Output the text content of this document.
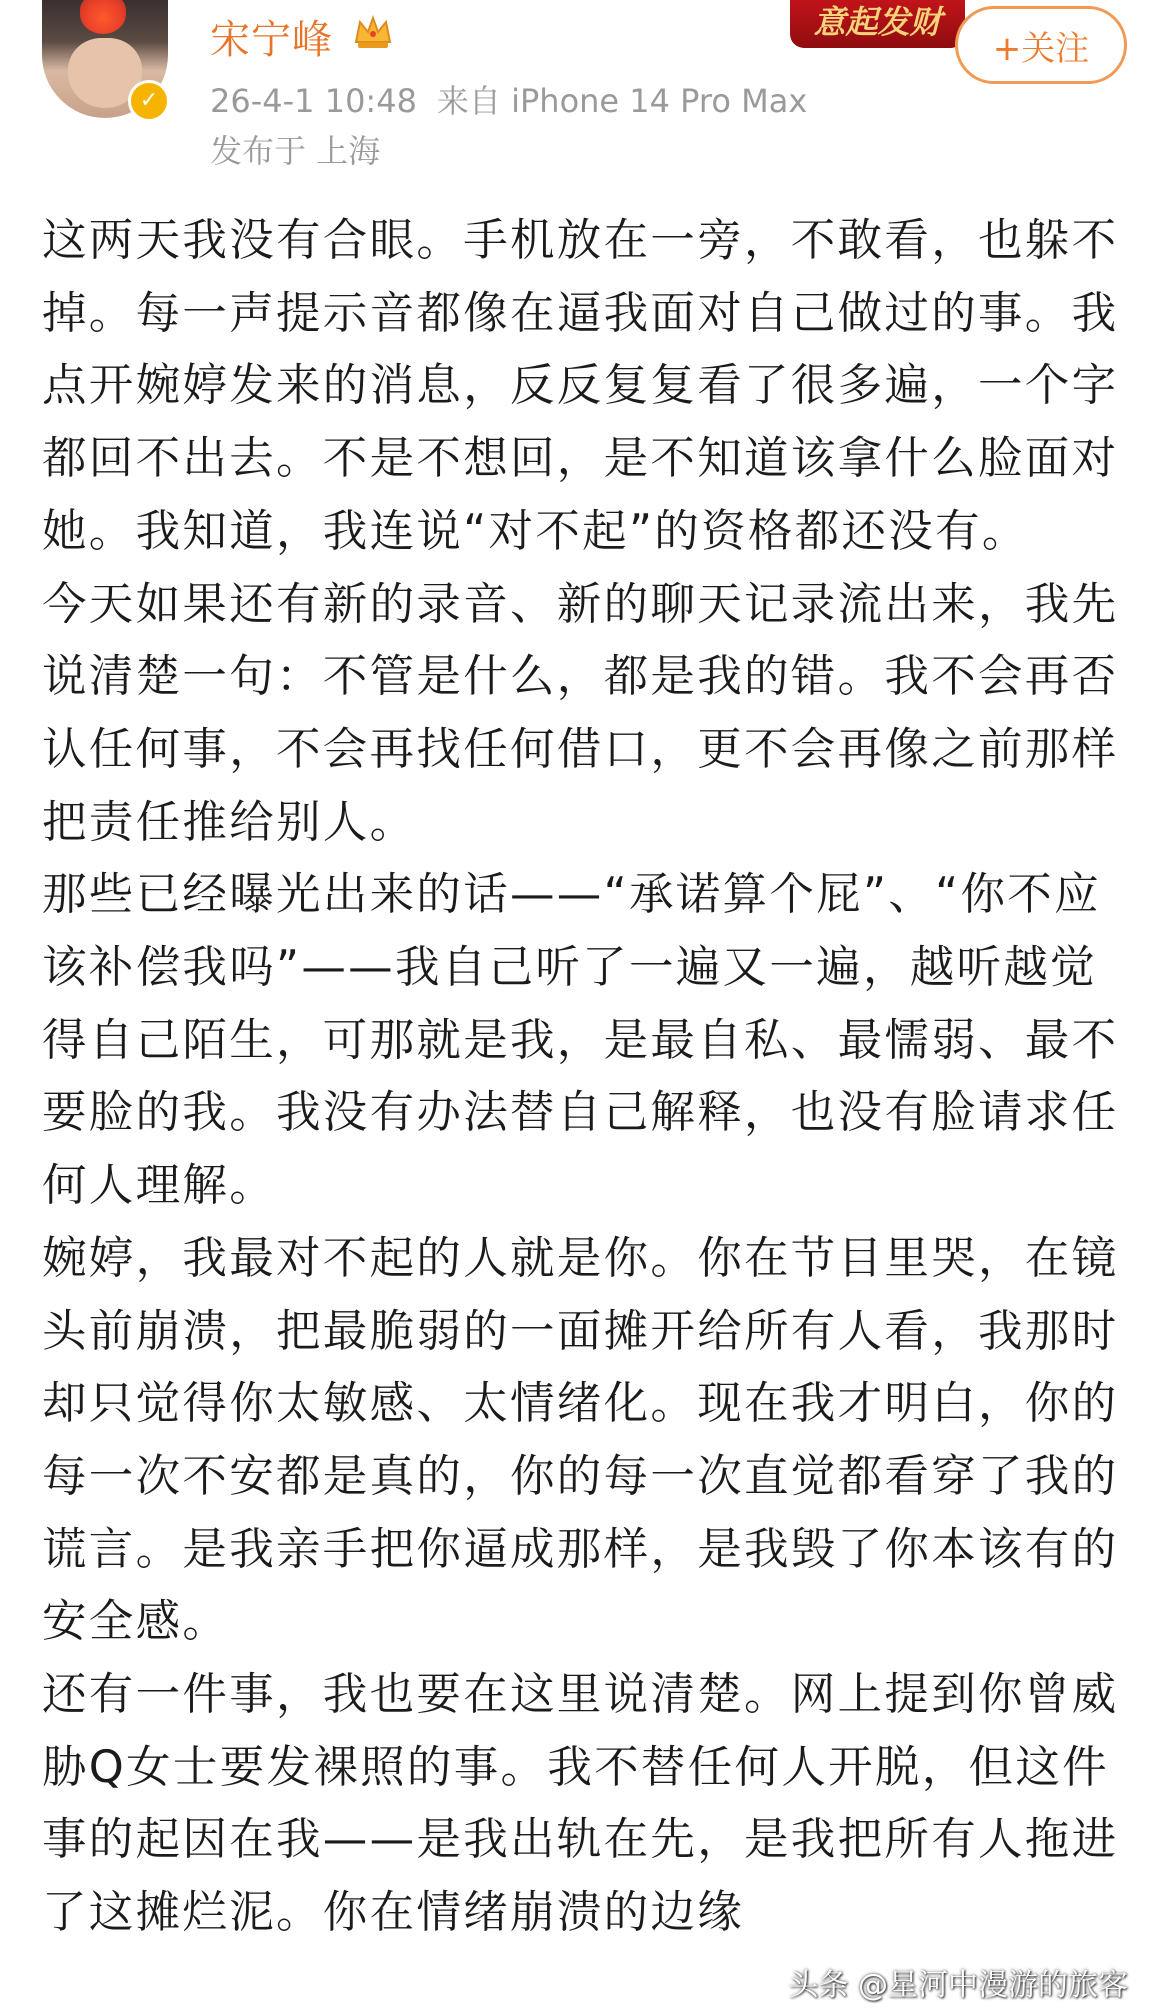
✓
宋宁峰
26-4-1 10:48 来自 iPhone 14 Pro Max
发布于 上海
意起发财
+关注

这两天我没有合眼。手机放在一旁，不敢看，也躲不掉。每一声提示音都像在逼我面对自己做过的事。我点开婉婷发来的消息，反反复复看了很多遍，一个字都回不出去。不是不想回，是不知道该拿什么脸面对她。我知道，我连说“对不起”的资格都还没有。

今天如果还有新的录音、新的聊天记录流出来，我先说清楚一句：不管是什么，都是我的错。我不会再否认任何事，不会再找任何借口，更不会再像之前那样把责任推给别人。

那些已经曝光出来的话——“承诺算个屁”、“你不应该补偿我吗”——我自己听了一遍又一遍，越听越觉得自己陌生，可那就是我，是最自私、最懦弱、最不要脸的我。我没有办法替自己解释，也没有脸请求任何人理解。

婉婷，我最对不起的人就是你。你在节目里哭，在镜头前崩溃，把最脆弱的一面摊开给所有人看，我那时却只觉得你太敏感、太情绪化。现在我才明白，你的每一次不安都是真的，你的每一次直觉都看穿了我的谎言。是我亲手把你逼成那样，是我毁了你本该有的安全感。

还有一件事，我也要在这里说清楚。网上提到你曾威胁Q女士要发裸照的事。我不替任何人开脱，但这件事的起因在我——是我出轨在先，是我把所有人拖进了这摊烂泥。你在情绪崩溃的边缘

头条 @星河中漫游的旅客
